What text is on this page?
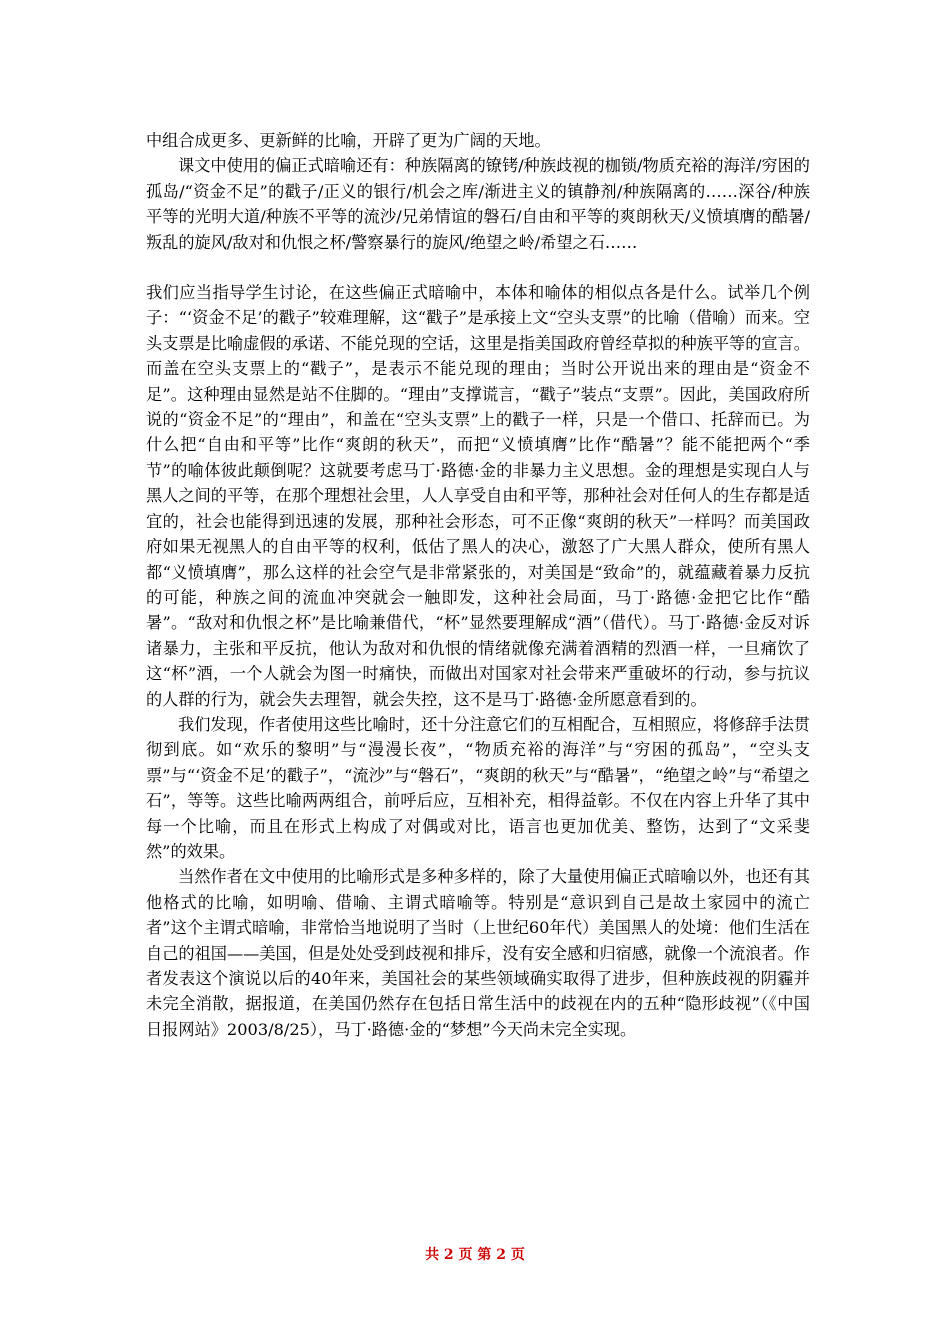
中组合成更多、更新鲜的比喻，开辟了更为广阔的天地。

课文中使用的偏正式暗喻还有：种族隔离的镣铐/种族歧视的枷锁/物质充裕的海洋/穷困的孤岛/“资金不足”的戳子/正义的银行/机会之库/渐进主义的镇静剂/种族隔离的……深谷/种族平等的光明大道/种族不平等的流沙/兄弟情谊的磐石/自由和平等的爽朗秋天/义愤填膺的酷暑/叛乱的旋风/敌对和仇恨之杯/警察暴行的旋风/绝望之岭/希望之石……

我们应当指导学生讨论，在这些偏正式暗喻中，本体和喻体的相似点各是什么。试举几个例子：“‘资金不足’的戳子”较难理解，这“戳子”是承接上文“空头支票”的比喻（借喻）而来。空头支票是比喻虚假的承诺、不能兑现的空话，这里是指美国政府曾经草拟的种族平等的宣言。而盖在空头支票上的“戳子”，是表示不能兑现的理由；当时公开说出来的理由是“资金不足”。这种理由显然是站不住脚的。“理由”支撑谎言，“戳子”装点“支票”。因此，美国政府所说的“资金不足”的“理由”，和盖在“空头支票”上的戳子一样，只是一个借口、托辞而已。为什么把“自由和平等”比作“爽朗的秋天”，而把“义愤填膺”比作“酷暑”？能不能把两个“季节”的喻体彼此颠倒呢？这就要考虑马丁·路德·金的非暴力主义思想。金的理想是实现白人与黑人之间的平等，在那个理想社会里，人人享受自由和平等，那种社会对任何人的生存都是适宜的，社会也能得到迅速的发展，那种社会形态，可不正像“爽朗的秋天”一样吗？而美国政府如果无视黑人的自由平等的权利，低估了黑人的决心，激怒了广大黑人群众，使所有黑人都“义愤填膺”，那么这样的社会空气是非常紧张的，对美国是“致命”的，就蕴藏着暴力反抗的可能，种族之间的流血冲突就会一触即发，这种社会局面，马丁·路德·金把它比作“酷暑”。“敌对和仇恨之杯”是比喻兼借代，“杯”显然要理解成“酒”（借代）。马丁·路德·金反对诉诸暴力，主张和平反抗，他认为敌对和仇恨的情绪就像充满着酒精的烈酒一样，一旦痛饮了这“杯”酒，一个人就会为图一时痛快，而做出对国家对社会带来严重破坏的行动，参与抗议的人群的行为，就会失去理智，就会失控，这不是马丁·路德·金所愿意看到的。

我们发现，作者使用这些比喻时，还十分注意它们的互相配合，互相照应，将修辞手法贯彻到底。如“欢乐的黎明”与“漫漫长夜”，“物质充裕的海洋”与“穷困的孤岛”，“空头支票”与“‘资金不足’的戳子”，“流沙”与“磐石”，“爽朗的秋天”与“酷暑”，“绝望之岭”与“希望之石”，等等。这些比喻两两组合，前呼后应，互相补充，相得益彰。不仅在内容上升华了其中每一个比喻，而且在形式上构成了对偶或对比，语言也更加优美、整饬，达到了“文采斐然”的效果。

当然作者在文中使用的比喻形式是多种多样的，除了大量使用偏正式暗喻以外，也还有其他格式的比喻，如明喻、借喻、主谓式暗喻等。特别是“意识到自己是故土家园中的流亡者”这个主谓式暗喻，非常恰当地说明了当时（上世纪60年代）美国黑人的处境：他们生活在自己的祖国——美国，但是处处受到歧视和排斥，没有安全感和归宿感，就像一个流浪者。作者发表这个演说以后的40年来，美国社会的某些领域确实取得了进步，但种族歧视的阴霾并未完全消散，据报道，在美国仍然存在包括日常生活中的歧视在内的五种“隐形歧视”（《中国日报网站》2003/8/25），马丁·路德·金的“梦想”今天尚未完全实现。

共 2 页 第 2 页
